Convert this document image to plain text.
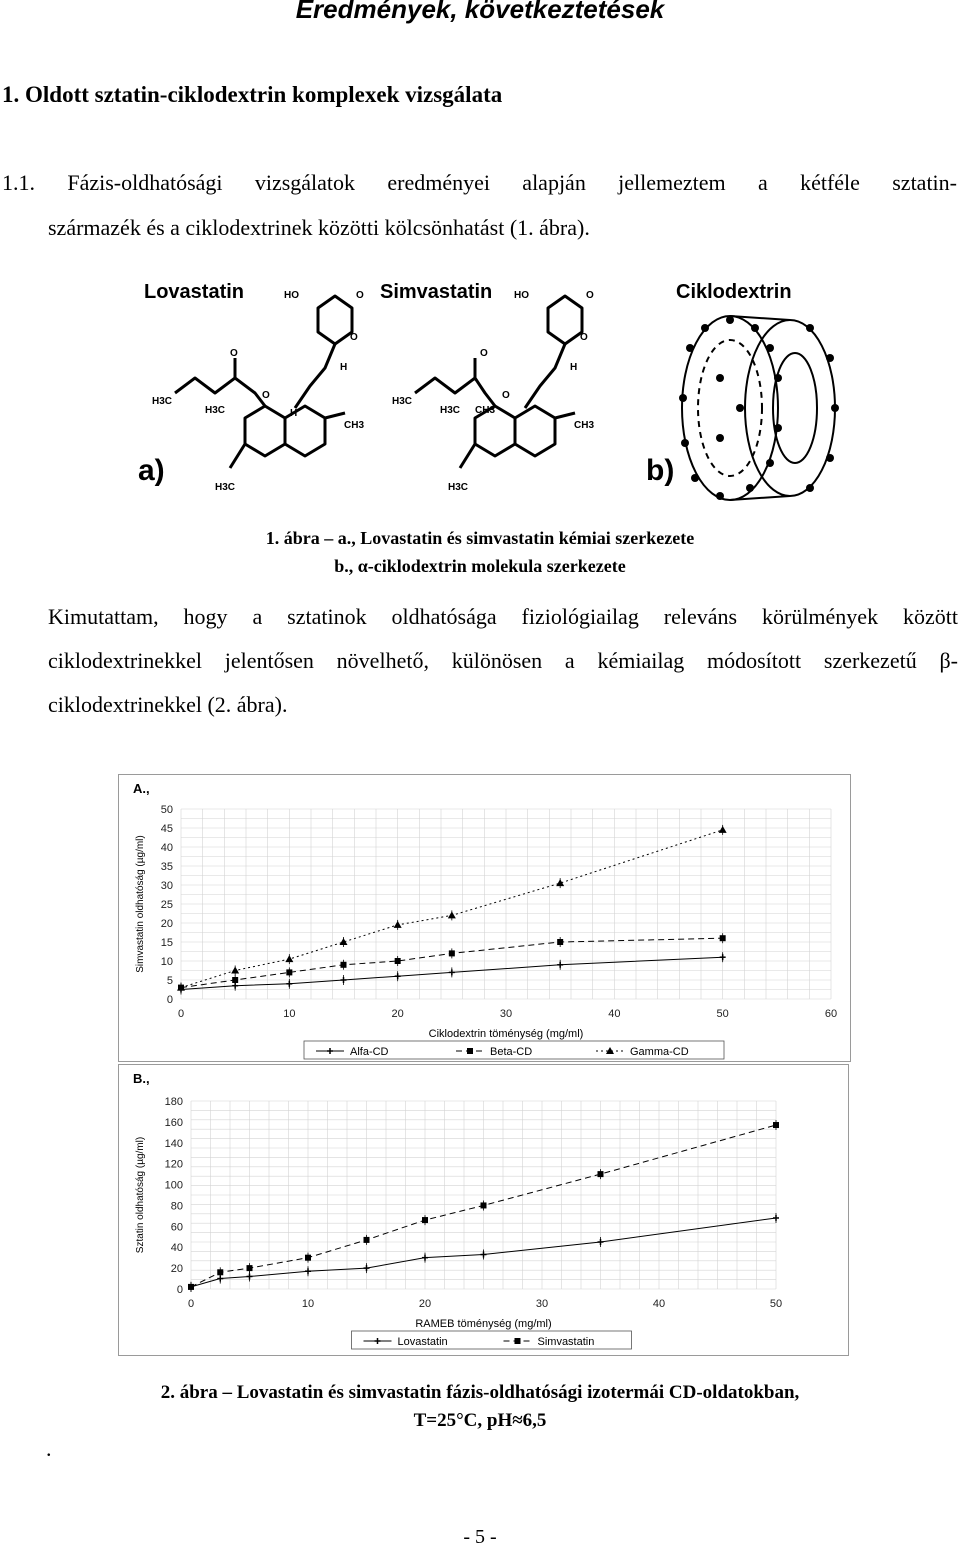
Eredmények, következtetések
1. Oldott sztatin-ciklodextrin komplexek vizsgálata
1.1. Fázis-oldhatósági vizsgálatok eredményei alapján jellemeztem a kétféle sztatin-
származék és a ciklodextrinek közötti kölcsönhatást (1. ábra).
Lovastatin	Simvastatin	Ciklodextrin
a)	b)
HO
O
O
H
O
O
H
H3C
H3C
CH3
H3C
HO
O
O
H
O
O
H3C
H3C CH3
CH3
H3C
1. ábra – a., Lovastatin és simvastatin kémiai szerkezete
b., α-ciklodextrin molekula szerkezete
Kimutattam, hogy a sztatinok oldhatósága fiziológiailag releváns körülmények között
ciklodextrinekkel jelentősen növelhető, különösen a kémiailag módosított szerkezetű β-
ciklodextrinekkel (2. ábra).
0
5
10
15
20
25
30
35
40
45
50
0	10	20	30	40	50	60
A.,
Ciklodextrin töménység (mg/ml)
Simvastatin oldhatóság (µg/ml)
Alfa-CD	Beta-CD	Gamma-CD
0
20
40
60
80
100
120
140
160
180
0	10	20	30	40	50
B.,
RAMEB töménység (mg/ml)
Sztatin oldhatóság (µg/ml)
Lovastatin	Simvastatin
2. ábra – Lovastatin és simvastatin fázis-oldhatósági izotermái CD-oldatokban,
T=25°C, pH≈6,5
.
- 5 -
